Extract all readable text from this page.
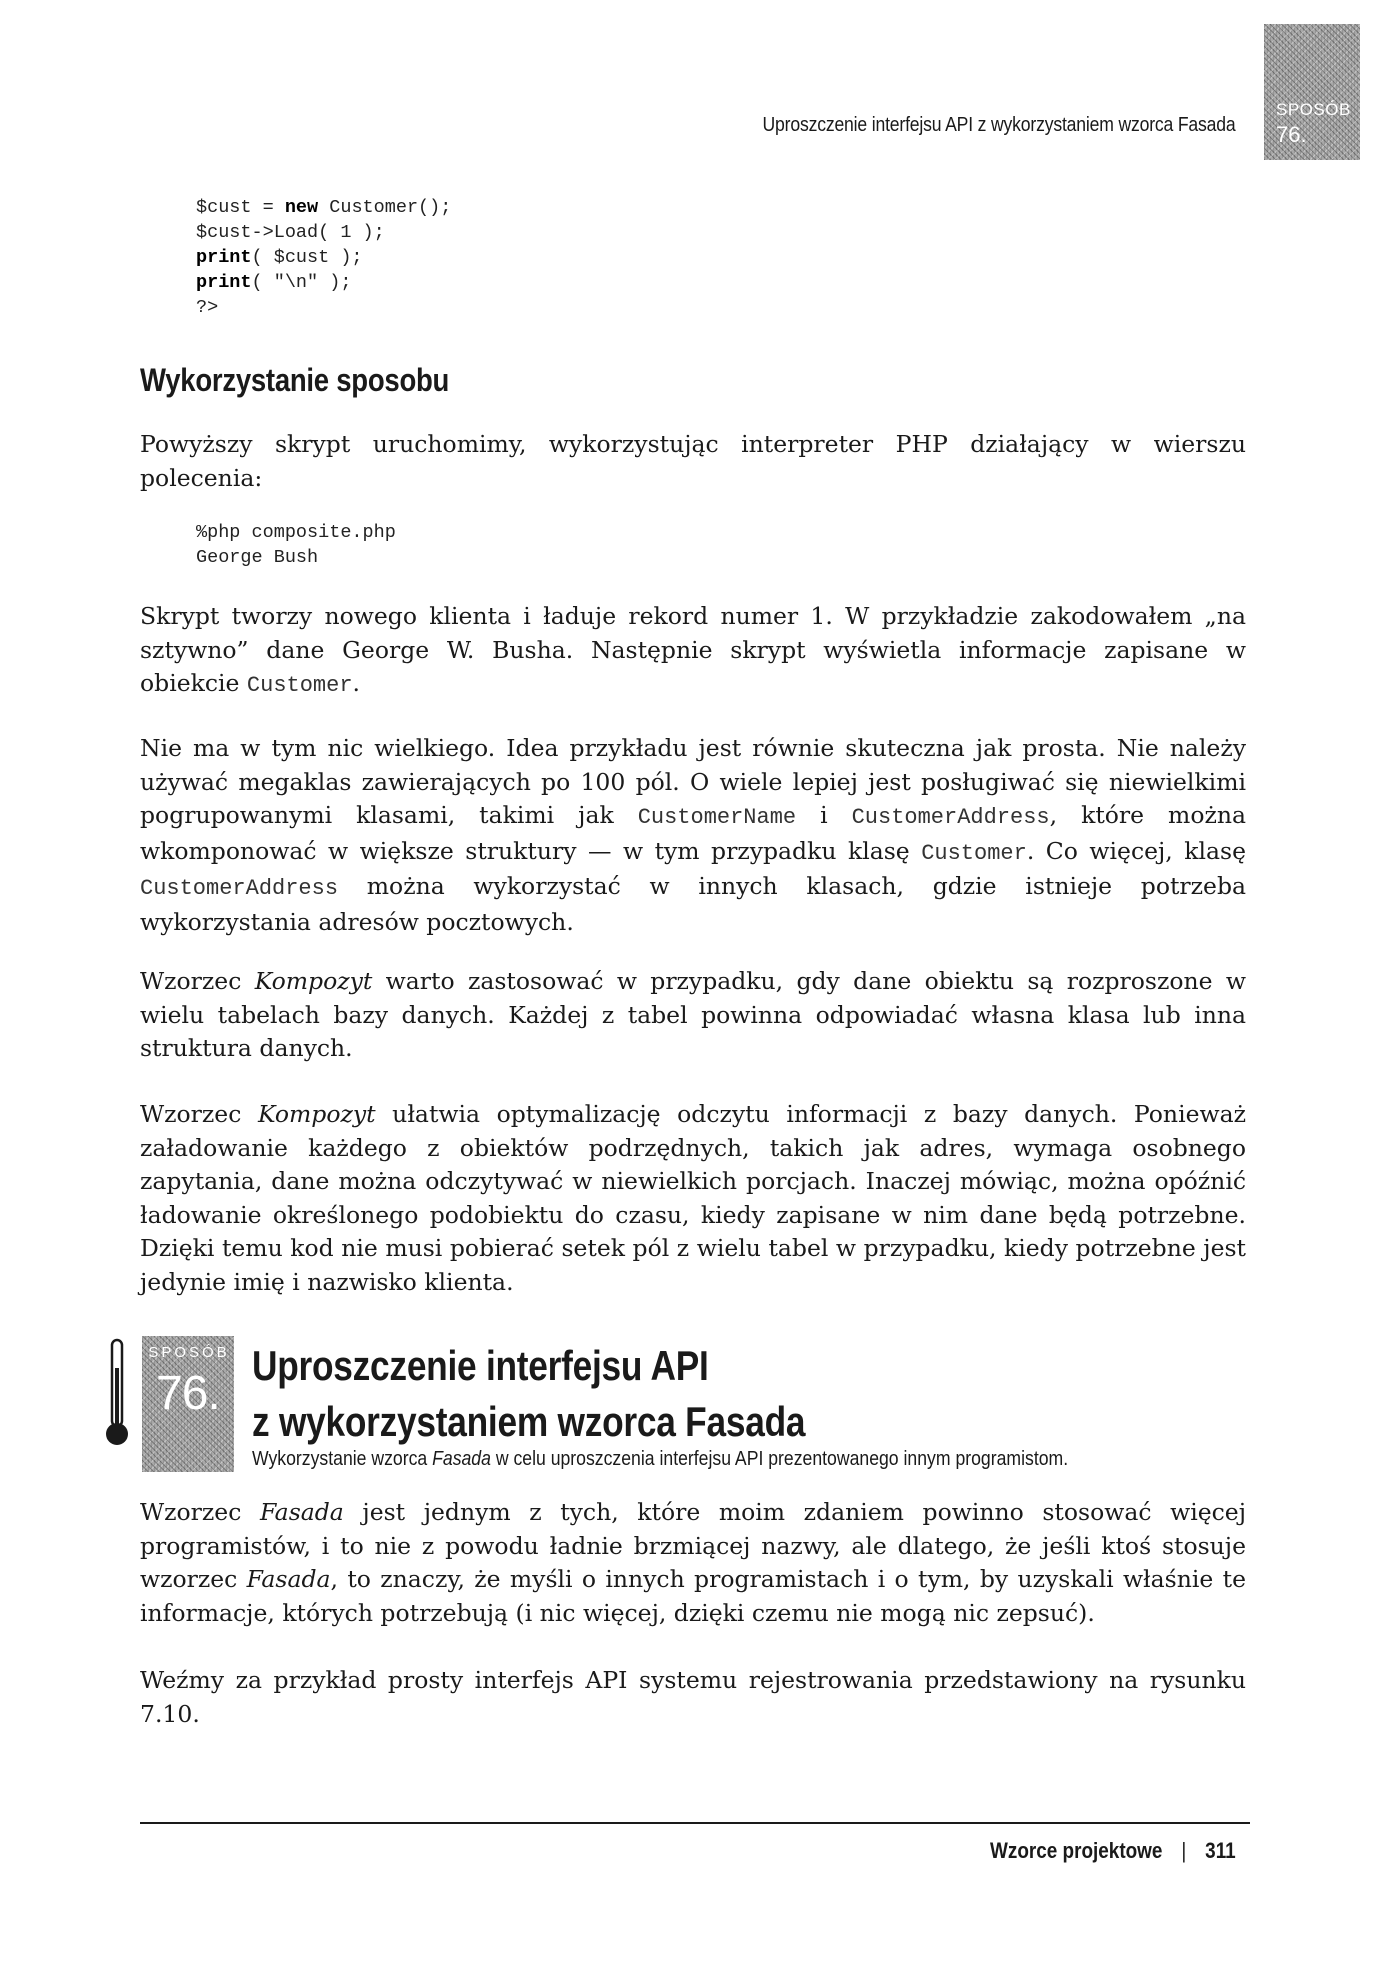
Uproszczenie interfejsu API z wykorzystaniem wzorca Fasada
SPOSÓB
76.
$cust = new Customer();
$cust->Load( 1 );
print( $cust );
print( "\n" );
?>
Wykorzystanie sposobu

Powyższy skrypt uruchomimy, wykorzystując interpreter PHP działający w wierszu polecenia:

%php composite.php
George Bush

Skrypt tworzy nowego klienta i ładuje rekord numer 1. W przykładzie zakodowałem „na sztywno” dane George W. Busha. Następnie skrypt wyświetla informacje zapisane w obiekcie Customer.

Nie ma w tym nic wielkiego. Idea przykładu jest równie skuteczna jak prosta. Nie należy używać megaklas zawierających po 100 pól. O wiele lepiej jest posługiwać się niewielkimi pogrupowanymi klasami, takimi jak CustomerName i CustomerAddress, które można wkomponować w większe struktury — w tym przypadku klasę Customer. Co więcej, klasę CustomerAddress można wykorzystać w innych klasach, gdzie istnieje potrzeba wykorzystania adresów pocztowych.

Wzorzec Kompozyt warto zastosować w przypadku, gdy dane obiektu są rozproszone w wielu tabelach bazy danych. Każdej z tabel powinna odpowiadać własna klasa lub inna struktura danych.

Wzorzec Kompozyt ułatwia optymalizację odczytu informacji z bazy danych. Ponieważ załadowanie każdego z obiektów podrzędnych, takich jak adres, wymaga osobnego zapytania, dane można odczytywać w niewielkich porcjach. Inaczej mówiąc, można opóźnić ładowanie określonego podobiektu do czasu, kiedy zapisane w nim dane będą potrzebne. Dzięki temu kod nie musi pobierać setek pól z wielu tabel w przypadku, kiedy potrzebne jest jedynie imię i nazwisko klienta.

SPOSÓB
76.
Uproszczenie interfejsu API
z wykorzystaniem wzorca Fasada
Wykorzystanie wzorca Fasada w celu uproszczenia interfejsu API prezentowanego innym programistom.

Wzorzec Fasada jest jednym z tych, które moim zdaniem powinno stosować więcej programistów, i to nie z powodu ładnie brzmiącej nazwy, ale dlatego, że jeśli ktoś stosuje wzorzec Fasada, to znaczy, że myśli o innych programistach i o tym, by uzyskali właśnie te informacje, których potrzebują (i nic więcej, dzięki czemu nie mogą nic zepsuć).

Weźmy za przykład prosty interfejs API systemu rejestrowania przedstawiony na rysunku 7.10.

Wzorce projektowe | 311
